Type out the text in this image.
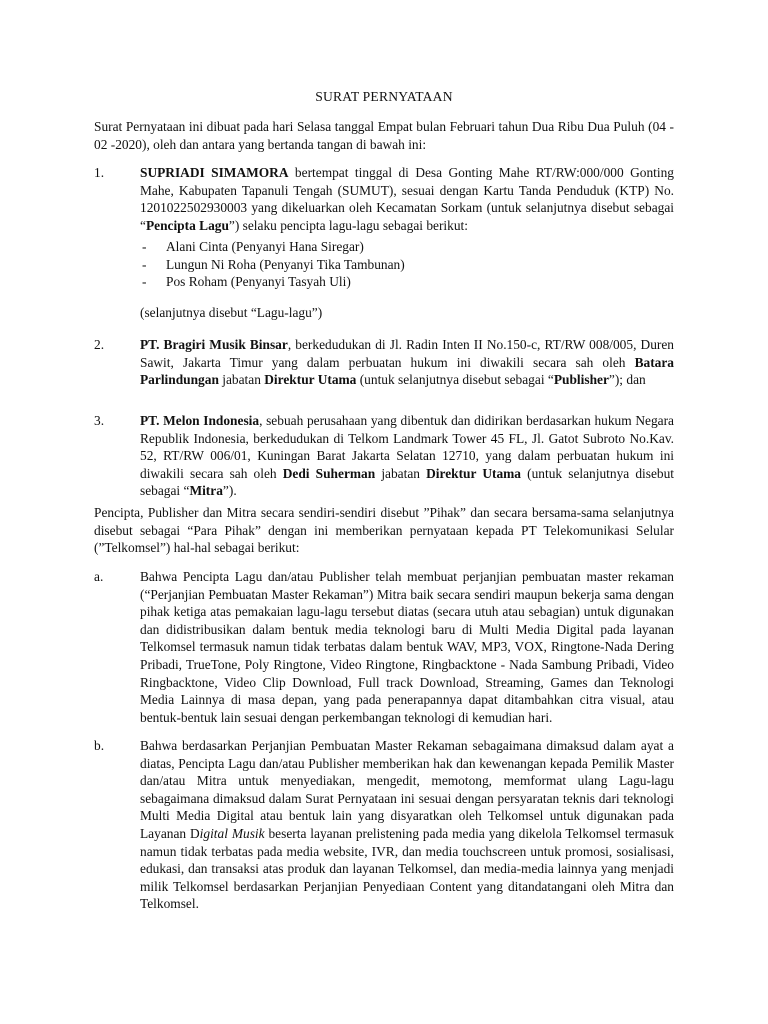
SURAT PERNYATAAN
Surat Pernyataan ini dibuat pada hari Selasa tanggal Empat bulan Februari tahun Dua Ribu Dua Puluh (04 - 02 -2020), oleh dan antara yang bertanda tangan di bawah ini:
1.	SUPRIADI SIMAMORA bertempat tinggal di Desa Gonting Mahe RT/RW:000/000 Gonting Mahe, Kabupaten Tapanuli Tengah (SUMUT), sesuai dengan Kartu Tanda Penduduk (KTP) No. 1201022502930003 yang dikeluarkan oleh Kecamatan Sorkam (untuk selanjutnya disebut sebagai “Pencipta Lagu”) selaku pencipta lagu-lagu sebagai berikut:
- Alani Cinta (Penyanyi Hana Siregar)
- Lungun Ni Roha (Penyanyi Tika Tambunan)
- Pos Roham (Penyanyi Tasyah Uli)
(selanjutnya disebut “Lagu-lagu”)
2.	PT. Bragiri Musik Binsar, berkedudukan di Jl. Radin Inten II No.150-c, RT/RW 008/005, Duren Sawit, Jakarta Timur yang dalam perbuatan hukum ini diwakili secara sah oleh Batara Parlindungan jabatan Direktur Utama (untuk selanjutnya disebut sebagai “Publisher”); dan
3.	PT. Melon Indonesia, sebuah perusahaan yang dibentuk dan didirikan berdasarkan hukum Negara Republik Indonesia, berkedudukan di Telkom Landmark Tower 45 FL, Jl. Gatot Subroto No.Kav. 52, RT/RW 006/01, Kuningan Barat Jakarta Selatan 12710, yang dalam perbuatan hukum ini diwakili secara sah oleh Dedi Suherman jabatan Direktur Utama (untuk selanjutnya disebut sebagai “Mitra”).
Pencipta, Publisher dan Mitra secara sendiri-sendiri disebut ”Pihak” dan secara bersama-sama selanjutnya disebut sebagai “Para Pihak” dengan ini memberikan pernyataan kepada PT Telekomunikasi Selular (”Telkomsel”) hal-hal sebagai berikut:
a.	Bahwa Pencipta Lagu dan/atau Publisher telah membuat perjanjian pembuatan master rekaman (“Perjanjian Pembuatan Master Rekaman”) Mitra baik secara sendiri maupun bekerja sama dengan pihak ketiga atas pemakaian lagu-lagu tersebut diatas (secara utuh atau sebagian) untuk digunakan dan didistribusikan dalam bentuk media teknologi baru di Multi Media Digital pada layanan Telkomsel termasuk namun tidak terbatas dalam bentuk WAV, MP3, VOX, Ringtone-Nada Dering Pribadi, TrueTone, Poly Ringtone, Video Ringtone, Ringbacktone - Nada Sambung Pribadi, Video Ringbacktone, Video Clip Download, Full track Download, Streaming, Games dan Teknologi Media Lainnya di masa depan, yang pada penerapannya dapat ditambahkan citra visual, atau bentuk-bentuk lain sesuai dengan perkembangan teknologi di kemudian hari.
b.	Bahwa berdasarkan Perjanjian Pembuatan Master Rekaman sebagaimana dimaksud dalam ayat a diatas, Pencipta Lagu dan/atau Publisher memberikan hak dan kewenangan kepada Pemilik Master dan/atau Mitra untuk menyediakan, mengedit, memotong, memformat ulang Lagu-lagu sebagaimana dimaksud dalam Surat Pernyataan ini sesuai dengan persyaratan teknis dari teknologi Multi Media Digital atau bentuk lain yang disyaratkan oleh Telkomsel untuk digunakan pada Layanan Digital Musik beserta layanan prelistening pada media yang dikelola Telkomsel termasuk namun tidak terbatas pada media website, IVR, dan media touchscreen untuk promosi, sosialisasi, edukasi, dan transaksi atas produk dan layanan Telkomsel, dan media-media lainnya yang menjadi milik Telkomsel berdasarkan Perjanjian Penyediaan Content yang ditandatangani oleh Mitra dan Telkomsel.
